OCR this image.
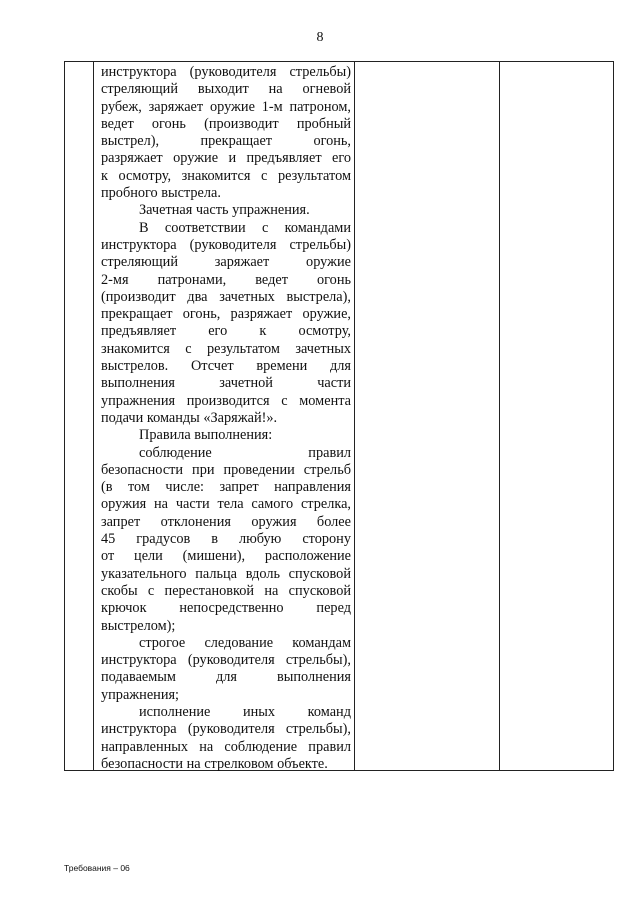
8
инструктора (руководителя стрельбы)
стреляющий выходит на огневой
рубеж, заряжает оружие 1-м патроном,
ведет огонь (производит пробный
выстрел), прекращает огонь,
разряжает оружие и предъявляет его
к осмотру, знакомится с результатом
пробного выстрела.
Зачетная часть упражнения.
В соответствии с командами
инструктора (руководителя стрельбы)
стреляющий заряжает оружие
2-мя патронами, ведет огонь
(производит два зачетных выстрела),
прекращает огонь, разряжает оружие,
предъявляет его к осмотру,
знакомится с результатом зачетных
выстрелов. Отсчет времени для
выполнения зачетной части
упражнения производится с момента
подачи команды «Заряжай!».
Правила выполнения:
соблюдение правил
безопасности при проведении стрельб
(в том числе: запрет направления
оружия на части тела самого стрелка,
запрет отклонения оружия более
45 градусов в любую сторону
от цели (мишени), расположение
указательного пальца вдоль спусковой
скобы с перестановкой на спусковой
крючок непосредственно перед
выстрелом);
строгое следование командам
инструктора (руководителя стрельбы),
подаваемым для выполнения
упражнения;
исполнение иных команд
инструктора (руководителя стрельбы),
направленных на соблюдение правил
безопасности на стрелковом объекте.
Требования – 06
